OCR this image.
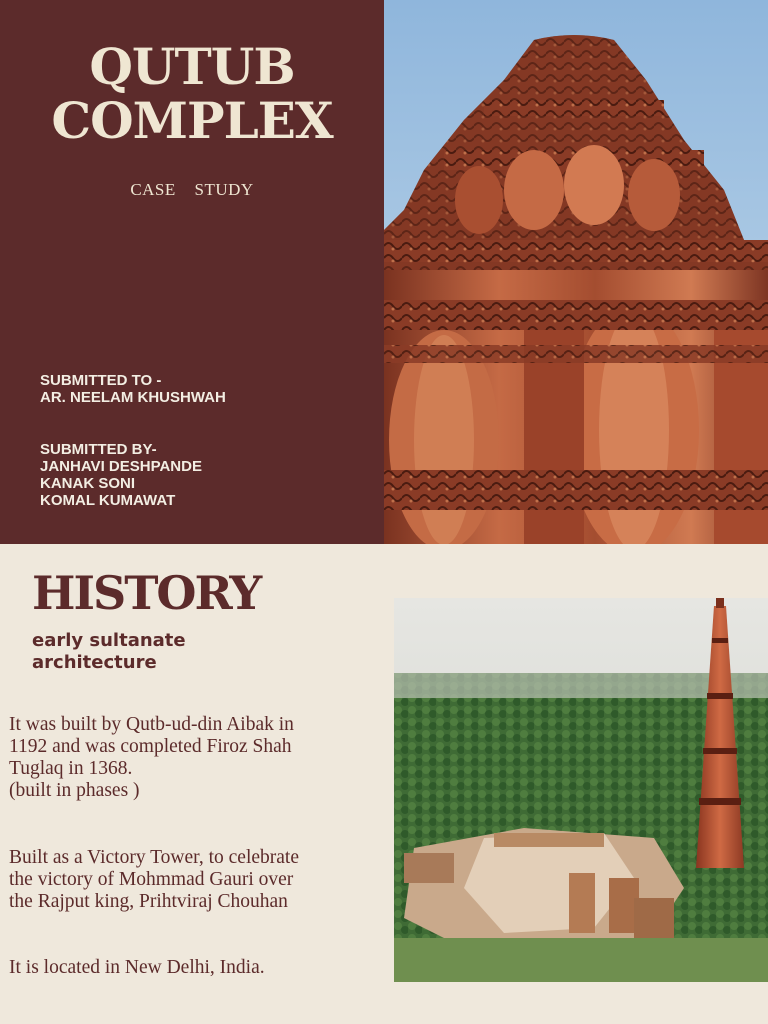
QUTUB
COMPLEX
CASE STUDY
SUBMITTED TO -
AR. NEELAM KHUSHWAH
SUBMITTED BY-
JANHAVI DESHPANDE
KANAK SONI
KOMAL KUMAWAT
HISTORY

early sultanate architecture

It was built by Qutb-ud-din Aibak in
1192 and was completed Firoz Shah
Tuglaq in 1368.
(built in phases )
Built as a Victory Tower, to celebrate
the victory of Mohmmad Gauri over
the Rajput king, Prihtviraj Chouhan
It is located in New Delhi, India.
